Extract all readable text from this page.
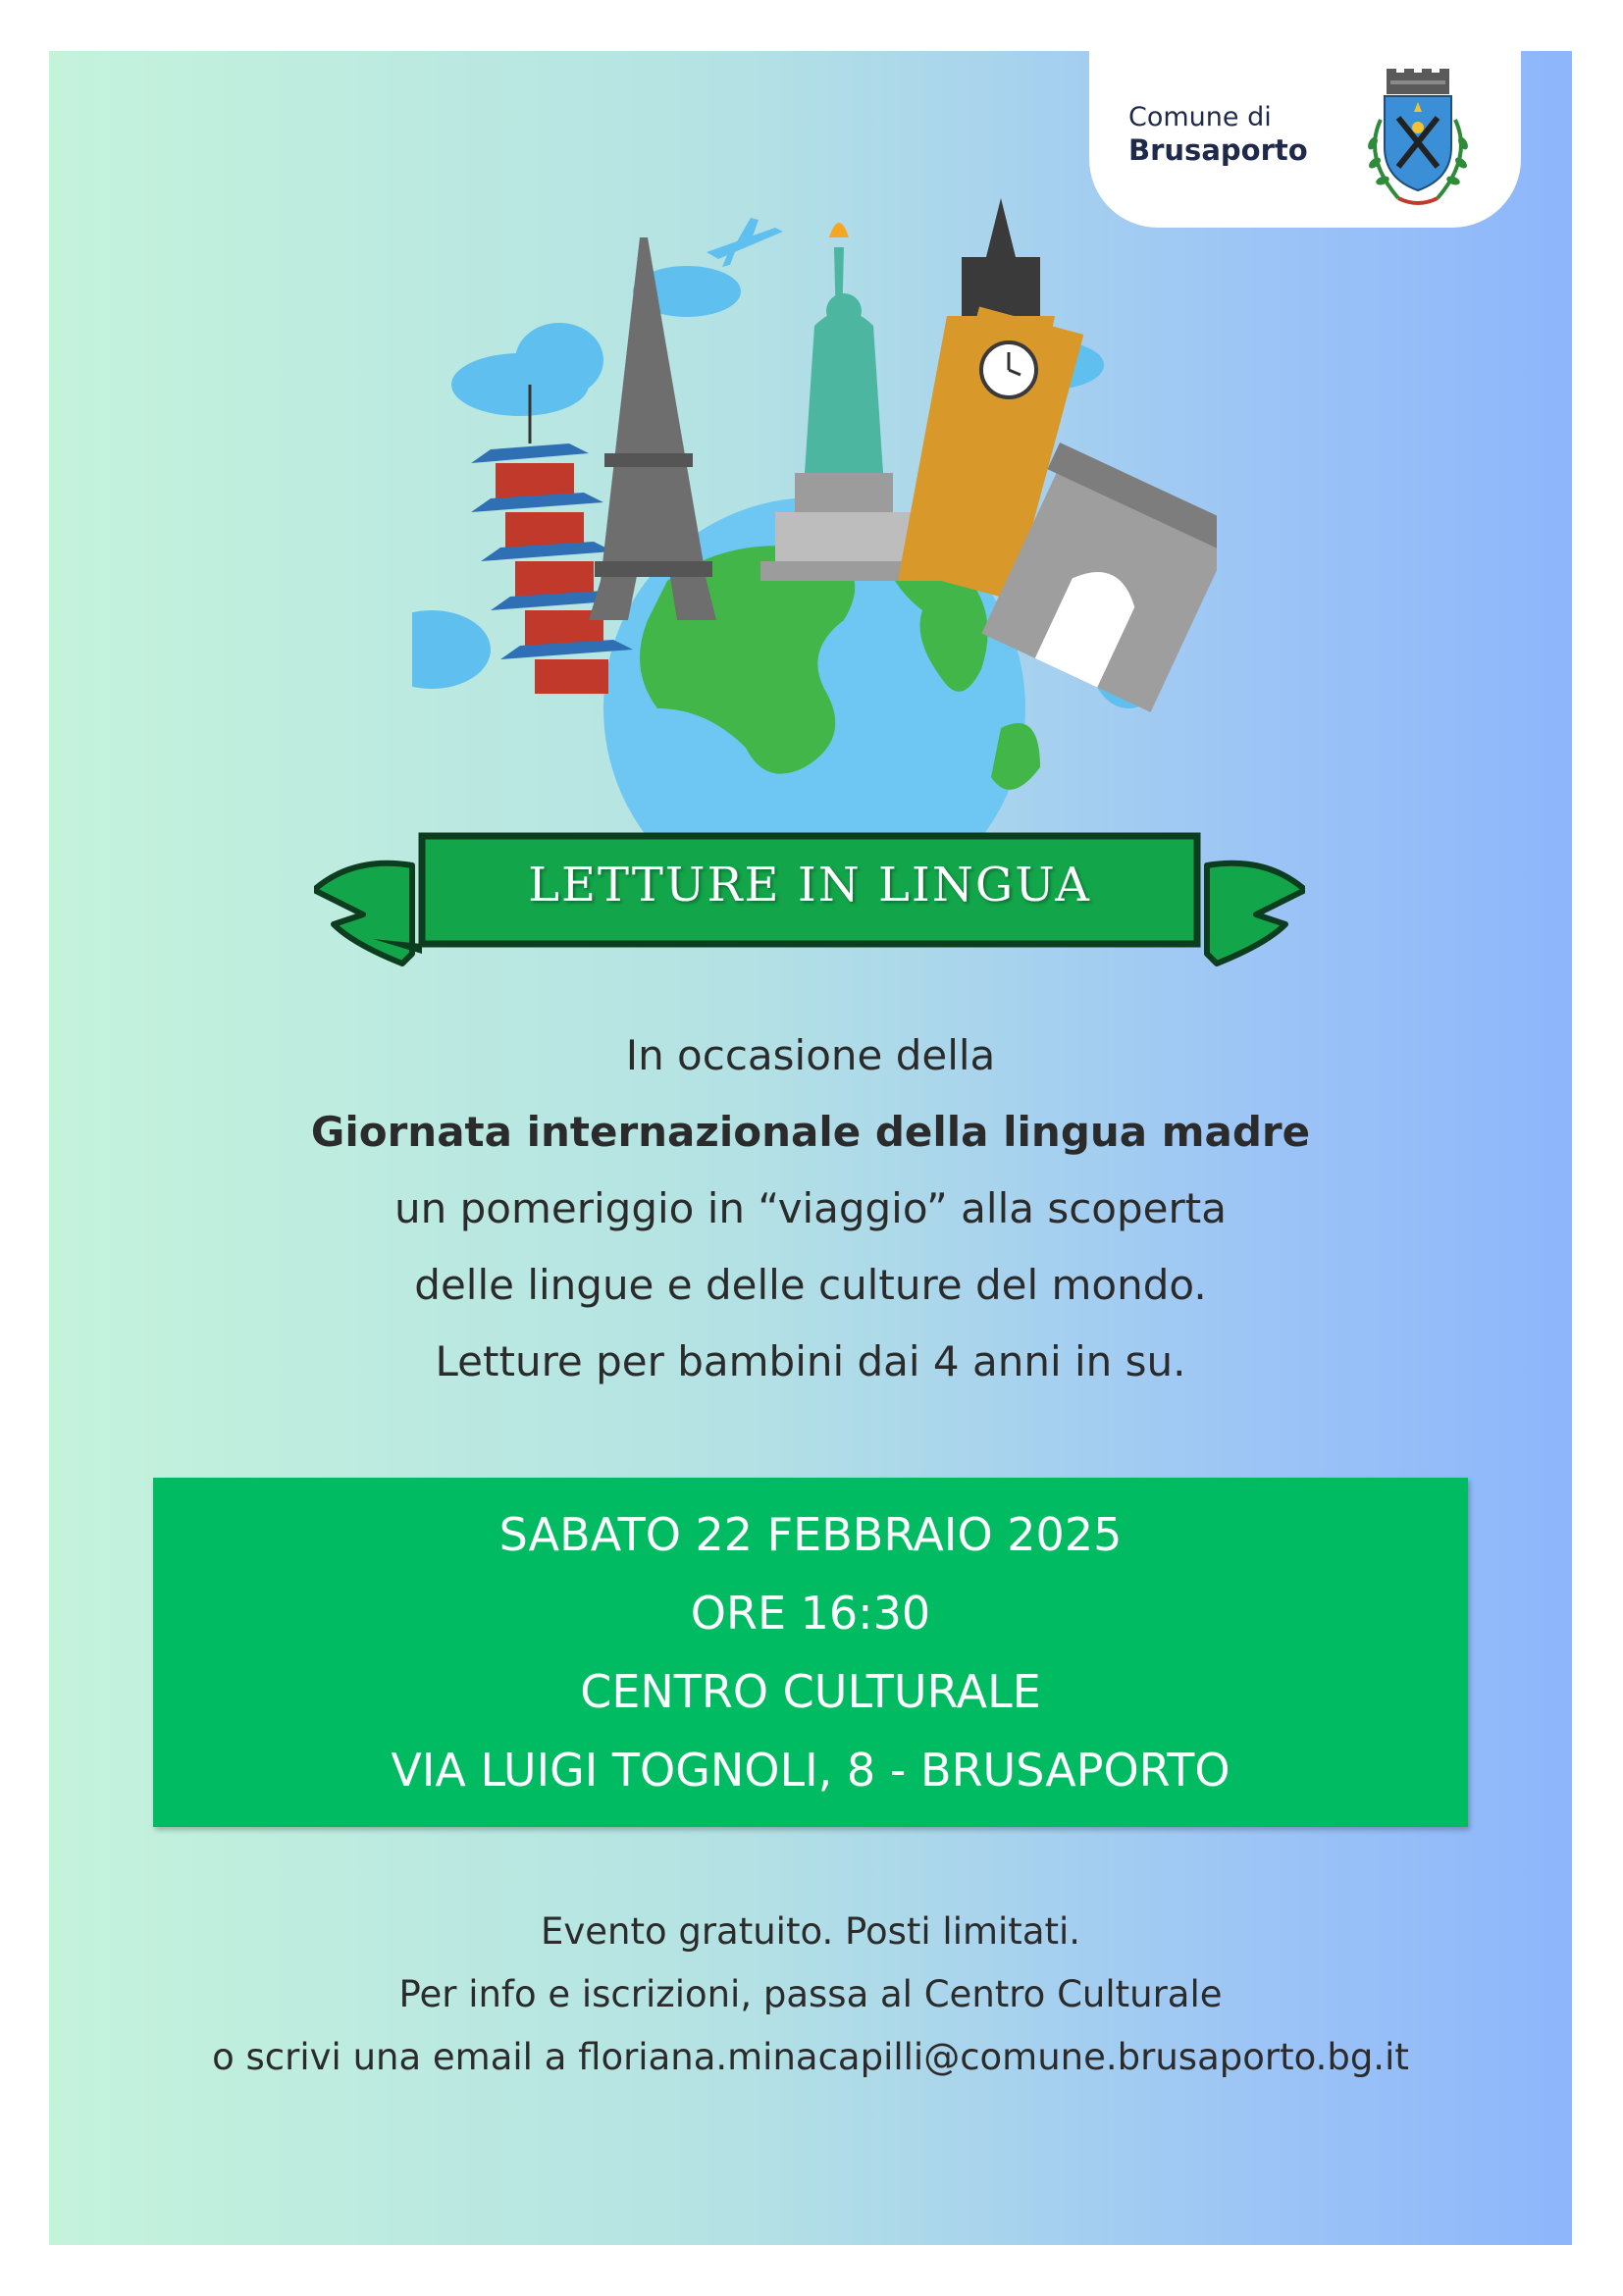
Comune di
Brusaporto
LETTURE IN LINGUA
In occasione della
Giornata internazionale della lingua madre
un pomeriggio in “viaggio” alla scoperta
delle lingue e delle culture del mondo.
Letture per bambini dai 4 anni in su.
SABATO 22 FEBBRAIO 2025
ORE 16:30
CENTRO CULTURALE
VIA LUIGI TOGNOLI, 8 - BRUSAPORTO
Evento gratuito. Posti limitati.
Per info e iscrizioni, passa al Centro Culturale
o scrivi una email a floriana.minacapilli@comune.brusaporto.bg.it
